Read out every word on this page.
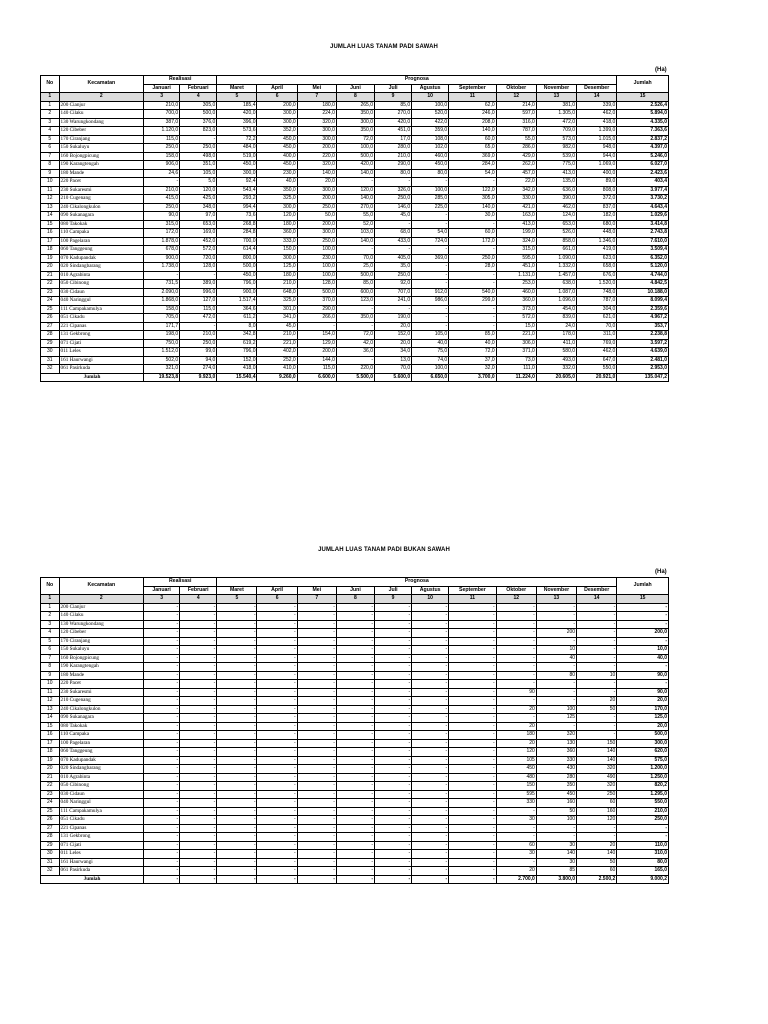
JUMLAH LUAS TANAM PADI SAWAH
(Ha)
No	Kecamatan	Realisasi		Prognosa										Jumlah
		Januari	Februari	Maret	April	Mei	Juni	Juli	Agustus	September	Oktober	November	Desember	
1	2	3	4	5	6	7	8	9	10	11	12	13	14	15
1	200 Cianjur	210,0	305,0	185,4	200,0	180,0	265,0	85,0	100,0	62,0	214,0	381,0	339,0	2.526,4
2	140 Cilaku	700,0	500,0	420,0	300,0	224,0	350,0	270,0	520,0	246,0	597,0	1.305,0	462,0	5.894,0
3	130 Warungkondang	387,0	376,0	396,0	300,0	320,0	300,0	420,0	422,0	208,0	316,0	472,0	418,0	4.335,0
4	120 Cibeber	1.120,0	823,0	573,6	352,0	300,0	350,0	451,0	359,0	140,0	787,0	709,0	1.399,0	7.363,6
5	170 Ciranjang	115,0	-	72,2	450,0	300,0	72,0	17,0	108,0	60,0	55,0	573,0	1.015,0	2.837,2
6	150 Sukaluyu	250,0	250,0	484,0	450,0	200,0	100,0	280,0	102,0	65,0	286,0	982,0	948,0	4.397,0
7	160 Bojongpicung	158,0	498,0	519,0	400,0	220,0	500,0	210,0	460,0	369,0	429,0	539,0	944,0	5.246,0
8	190 Karangtengah	906,0	351,0	450,0	450,0	320,0	420,0	290,0	450,0	284,0	262,0	775,0	1.069,0	6.027,0
9	180 Mande	24,6	105,0	300,0	230,0	140,0	140,0	80,0	80,0	54,0	457,0	413,0	400,0	2.423,6
10	220 Pacet	-	5,0	92,4	40,0	20,0	-	-	-	-	22,0	135,0	89,0	403,4
11	230 Sukaresmi	210,0	120,0	543,4	350,0	300,0	120,0	326,0	100,0	122,0	342,0	636,0	808,0	3.977,4
12	210 Cugenang	415,0	425,0	293,2	325,0	200,0	140,0	250,0	285,0	305,0	330,0	390,0	372,0	3.730,2
13	240 Cikalongkulon	250,0	348,0	994,4	300,0	250,0	270,0	146,0	225,0	140,0	421,0	462,0	837,0	4.643,4
14	090 Sukanagara	90,0	97,0	73,6	120,0	50,0	55,0	45,0	-	30,0	163,0	124,0	182,0	1.029,6
15	080 Takokak	315,0	653,0	268,8	180,0	200,0	52,0	-	-	-	413,0	653,0	680,0	3.414,8
16	110 Campaka	172,0	169,0	284,8	360,0	300,0	103,0	68,0	54,0	60,0	199,0	526,0	448,0	2.743,8
17	100 Pagelaran	1.878,0	452,0	700,0	333,0	250,0	140,0	433,0	724,0	172,0	324,0	858,0	1.346,0	7.610,0
18	060 Tanggeung	678,0	572,0	614,4	150,0	100,0	-	-	-	-	315,0	661,0	419,0	3.509,4
19	070 Kadupandak	900,0	720,0	800,0	300,0	230,0	70,0	405,0	369,0	250,0	595,0	1.090,0	623,0	6.352,0
20	020 Sindangbarang	1.738,0	128,0	500,0	125,0	100,0	25,0	35,0	-	28,0	451,0	1.332,0	658,0	5.120,0
21	010 Agrabinta	-	-	450,0	180,0	100,0	500,0	250,0	-	-	1.131,0	1.457,0	676,0	4.744,0
22	050 Cibinong	731,5	389,0	796,0	210,0	128,0	85,0	92,0	-	-	253,0	638,0	1.520,0	4.842,5
23	030 Cidaun	2.090,0	996,0	900,0	648,0	500,0	600,0	707,0	912,0	540,0	460,0	1.087,0	748,0	10.188,0
24	040 Naringgul	1.868,0	127,0	1.517,4	325,0	370,0	123,0	241,0	986,0	299,0	360,0	1.096,0	787,0	8.099,4
25	111 Campakamulya	158,0	115,0	364,6	301,0	290,0	-	-	-	-	373,0	454,0	304,0	2.359,6
26	051 Cikadu	705,0	472,0	611,2	341,0	266,0	350,0	190,0	-	-	572,0	839,0	621,0	4.967,2
27	221 Cipanas	171,7	-	8,0	45,0	-	-	20,0	-	-	15,0	24,0	70,0	353,7
28	131 Gekbrong	198,0	210,0	342,8	210,0	154,0	72,0	152,0	105,0	85,0	221,0	178,0	311,0	2.238,8
29	071 Cijati	750,0	250,0	619,2	221,0	129,0	42,0	20,0	40,0	40,0	306,0	411,0	769,0	3.597,2
30	011 Leles	1.512,0	99,0	796,0	402,0	200,0	36,0	34,0	75,0	72,0	371,0	580,0	462,0	4.639,0
31	161 Haurwangi	502,0	94,0	152,0	252,0	144,0	-	13,0	74,0	37,0	73,0	493,0	647,0	2.481,0
32	061 Pasirkuda	321,0	274,0	418,0	410,0	115,0	220,0	70,0	100,0	32,0	111,0	332,0	550,0	2.953,0
Jumlah		19.523,8	9.923,0	15.540,4	9.260,0	6.600,0	5.500,0	5.600,0	6.650,0	3.700,0	11.224,0	20.605,0	20.921,0	135.047,2
JUMLAH LUAS TANAM PADI BUKAN SAWAH
(Ha)
No	Kecamatan	Realisasi		Prognosa										Jumlah
		Januari	Februari	Maret	April	Mei	Juni	Juli	Agustus	September	Oktober	November	Desember	
1	2	3	4	5	6	7	8	9	10	11	12	13	14	15
1	200 Cianjur	-	-	-	-	-	-	-	-	-	-	-	-	-
2	140 Cilaku	-	-	-	-	-	-	-	-	-	-	-	-	-
3	130 Warungkondang	-	-	-	-	-	-	-	-	-	-	-	-	-
4	120 Cibeber	-	-	-	-	-	-	-	-	-	-	200	-	200,0
5	170 Ciranjang	-	-	-	-	-	-	-	-	-	-	-	-	-
6	150 Sukaluyu	-	-	-	-	-	-	-	-	-	-	10	-	10,0
7	160 Bojongpicung	-	-	-	-	-	-	-	-	-	-	40	-	40,0
8	190 Karangtengah	-	-	-	-	-	-	-	-	-	-	-	-	-
9	180 Mande	-	-	-	-	-	-	-	-	-	-	80	10	90,0
10	220 Pacet	-	-	-	-	-	-	-	-	-	-	-	-	-
11	230 Sukaresmi	-	-	-	-	-	-	-	-	-	90	-	-	90,0
12	210 Cugenang	-	-	-	-	-	-	-	-	-	-	-	20	20,0
13	240 Cikalongkulon	-	-	-	-	-	-	-	-	-	20	100	50	170,0
14	090 Sukanagara	-	-	-	-	-	-	-	-	-	-	125	-	125,0
15	080 Takokak	-	-	-	-	-	-	-	-	-	20	-	-	20,0
16	110 Campaka	-	-	-	-	-	-	-	-	-	180	320	-	500,0
17	100 Pagelaran	-	-	-	-	-	-	-	-	-	20	130	150	300,0
18	060 Tanggeung	-	-	-	-	-	-	-	-	-	120	360	140	620,0
19	070 Kadupandak	-	-	-	-	-	-	-	-	-	105	330	140	575,0
20	020 Sindangbarang	-	-	-	-	-	-	-	-	-	450	430	320	1.200,0
21	010 Agrabinta	-	-	-	-	-	-	-	-	-	480	280	490	1.250,0
22	050 Cibinong	-	-	-	-	-	-	-	-	-	150	350	320	820,2
23	030 Cidaun	-	-	-	-	-	-	-	-	-	595	450	250	1.295,0
24	040 Naringgul	-	-	-	-	-	-	-	-	-	330	160	60	550,0
25	111 Campakamulya	-	-	-	-	-	-	-	-	-	-	50	160	210,0
26	051 Cikadu	-	-	-	-	-	-	-	-	-	30	100	120	250,0
27	221 Cipanas	-	-	-	-	-	-	-	-	-	-	-	-	-
28	131 Gekbrong	-	-	-	-	-	-	-	-	-	-	-	-	-
29	071 Cijati	-	-	-	-	-	-	-	-	-	60	30	20	110,0
30	011 Leles	-	-	-	-	-	-	-	-	-	30	140	140	310,0
31	161 Haurwangi	-	-	-	-	-	-	-	-	-	-	30	50	80,0
32	061 Pasirkuda	-	-	-	-	-	-	-	-	-	20	85	60	165,0
Jumlah		-	-	-	-	-	-	-	-	-	2.700,0	3.800,0	2.500,2	9.000,2
